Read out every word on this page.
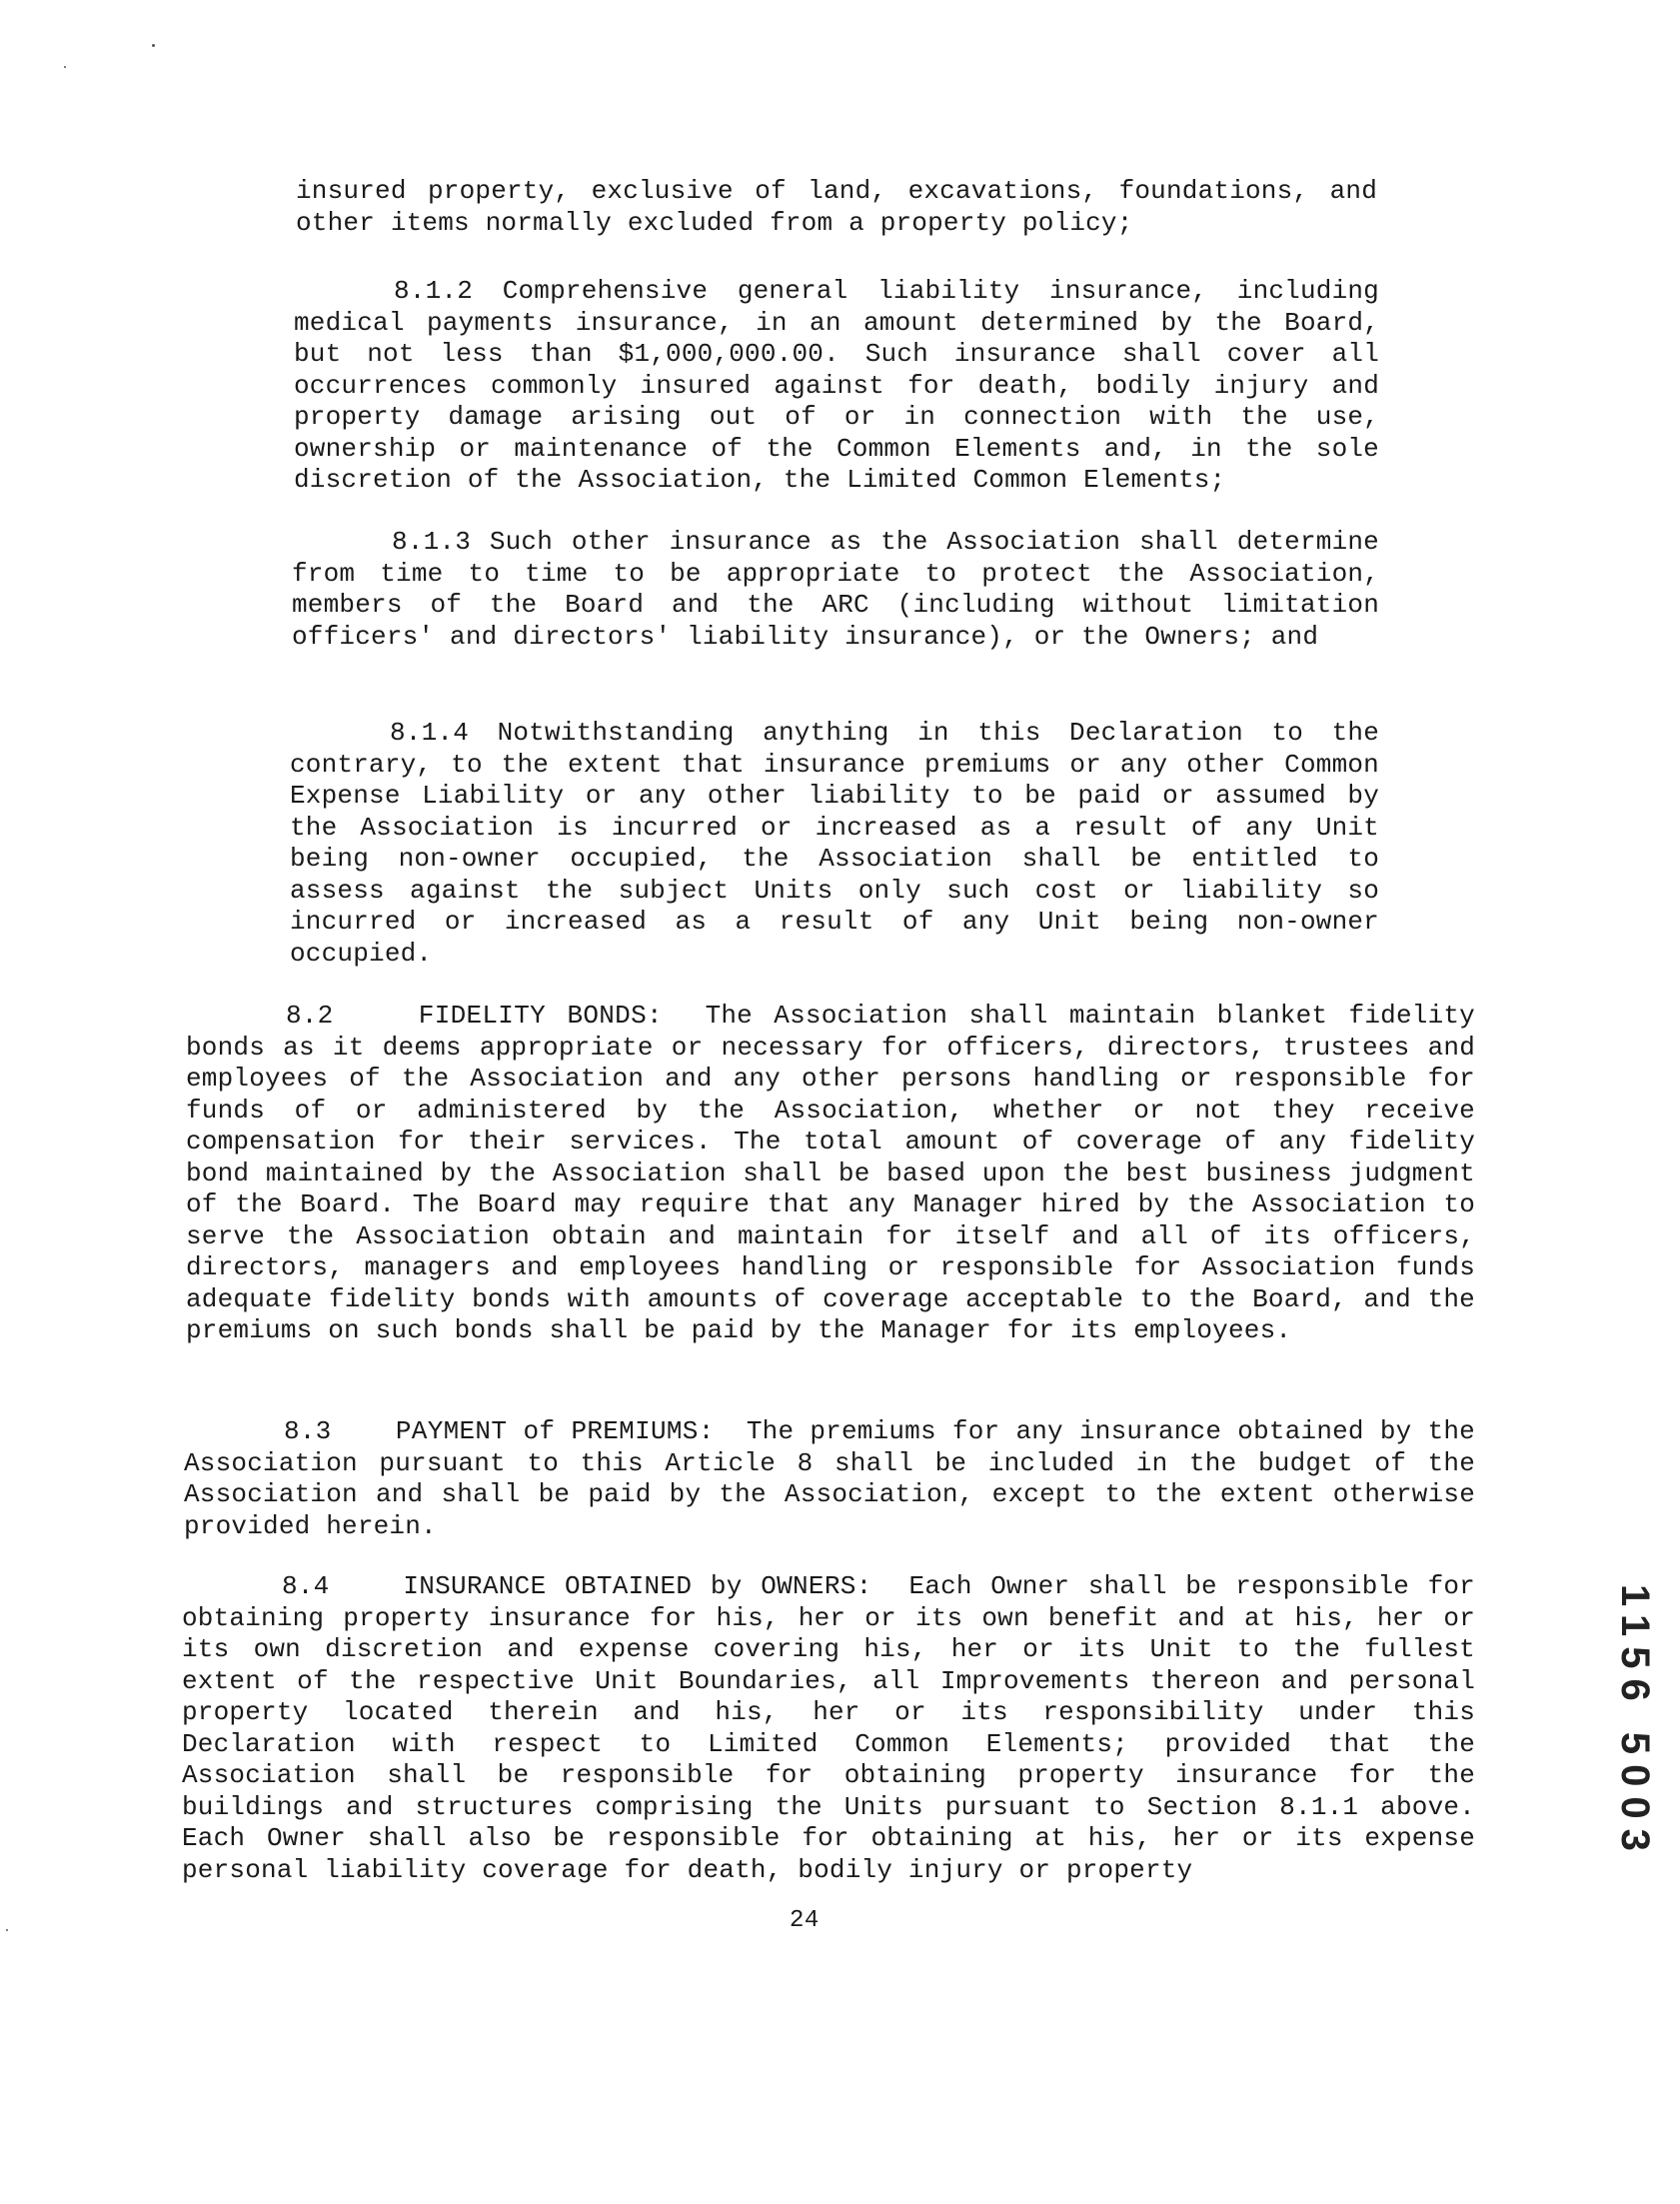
insured property, exclusive of land, excavations, foundations, and other items normally excluded from a property policy;
8.1.2 Comprehensive general liability insurance, including medical payments insurance, in an amount determined by the Board, but not less than $1,000,000.00. Such insurance shall cover all occurrences commonly insured against for death, bodily injury and property damage arising out of or in connection with the use, ownership or maintenance of the Common Elements and, in the sole discretion of the Association, the Limited Common Elements;
8.1.3 Such other insurance as the Association shall determine from time to time to be appropriate to protect the Association, members of the Board and the ARC (including without limitation officers' and directors' liability insurance), or the Owners; and
8.1.4 Notwithstanding anything in this Declaration to the contrary, to the extent that insurance premiums or any other Common Expense Liability or any other liability to be paid or assumed by the Association is incurred or increased as a result of any Unit being non-owner occupied, the Association shall be entitled to assess against the subject Units only such cost or liability so incurred or increased as a result of any Unit being non-owner occupied.
8.2	FIDELITY BONDS: The Association shall maintain blanket fidelity bonds as it deems appropriate or necessary for officers, directors, trustees and employees of the Association and any other persons handling or responsible for funds of or administered by the Association, whether or not they receive compensation for their services. The total amount of coverage of any fidelity bond maintained by the Association shall be based upon the best business judgment of the Board. The Board may require that any Manager hired by the Association to serve the Association obtain and maintain for itself and all of its officers, directors, managers and employees handling or responsible for Association funds adequate fidelity bonds with amounts of coverage acceptable to the Board, and the premiums on such bonds shall be paid by the Manager for its employees.
8.3 PAYMENT of PREMIUMS: The premiums for any insurance obtained by the Association pursuant to this Article 8 shall be included in the budget of the Association and shall be paid by the Association, except to the extent otherwise provided herein.
8.4	INSURANCE OBTAINED by OWNERS: Each Owner shall be responsible for obtaining property insurance for his, her or its own benefit and at his, her or its own discretion and expense covering his, her or its Unit to the fullest extent of the respective Unit Boundaries, all Improvements thereon and personal property located therein and his, her or its responsibility under this Declaration with respect to Limited Common Elements; provided that the Association shall be responsible for obtaining property insurance for the buildings and structures comprising the Units pursuant to Section 8.1.1 above. Each Owner shall also be responsible for obtaining at his, her or its expense personal liability coverage for death, bodily injury or property
24
1156 5003
